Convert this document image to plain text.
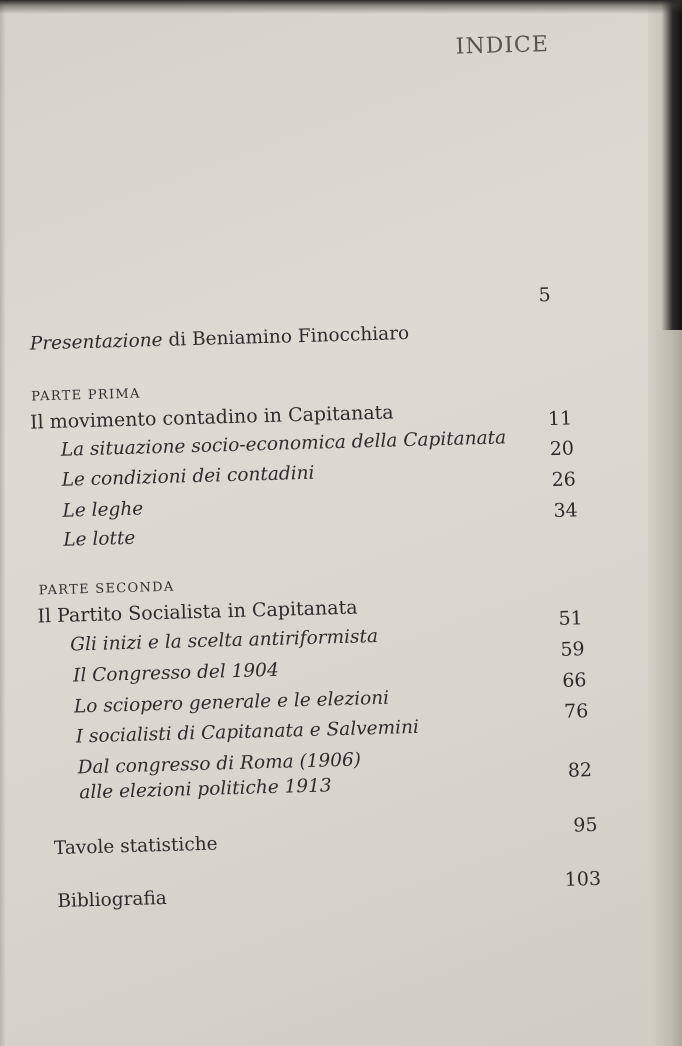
INDICE
Presentazione di Beniamino Finocchiaro
5
PARTE PRIMA
Il movimento contadino in Capitanata
La situazione socio-economica della Capitanata
11
Le condizioni dei contadini
20
Le leghe
26
Le lotte
34
PARTE SECONDA
Il Partito Socialista in Capitanata
Gli inizi e la scelta antiriformista
51
Il Congresso del 1904
59
Lo sciopero generale e le elezioni
66
I socialisti di Capitanata e Salvemini
76
Dal congresso di Roma (1906)
alle elezioni politiche 1913
82
Tavole statistiche
95
Bibliografia
103
